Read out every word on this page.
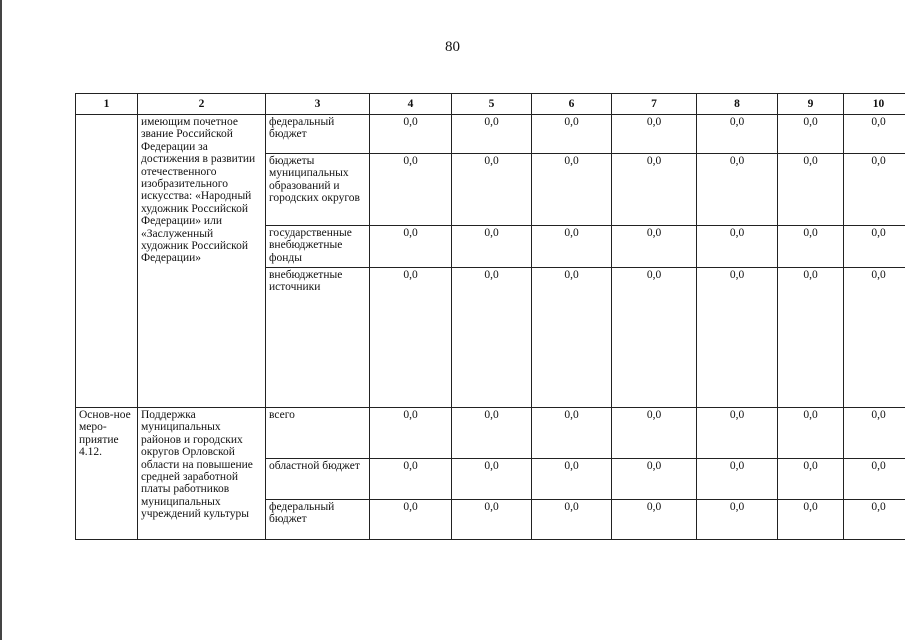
80
1	2	3	4	5	6	7	8	9	10
	имеющим почетное звание Российской Федерации за достижения в развитии отечественного изобразительного искусства: «Народный художник Российской Федерации» или «Заслуженный художник Российской Федерации»	федеральный бюджет	0,0	0,0	0,0	0,0	0,0	0,0	0,0
		бюджеты муниципальных образований и городских округов	0,0	0,0	0,0	0,0	0,0	0,0	0,0
		государственные внебюджетные фонды	0,0	0,0	0,0	0,0	0,0	0,0	0,0
		внебюджетные источники	0,0	0,0	0,0	0,0	0,0	0,0	0,0
Основ-ное меро-приятие 4.12.	Поддержка муниципальных районов и городских округов Орловской области на повышение средней заработной платы работников муниципальных учреждений культуры	всего	0,0	0,0	0,0	0,0	0,0	0,0	0,0
		областной бюджет	0,0	0,0	0,0	0,0	0,0	0,0	0,0
		федеральный бюджет	0,0	0,0	0,0	0,0	0,0	0,0	0,0
